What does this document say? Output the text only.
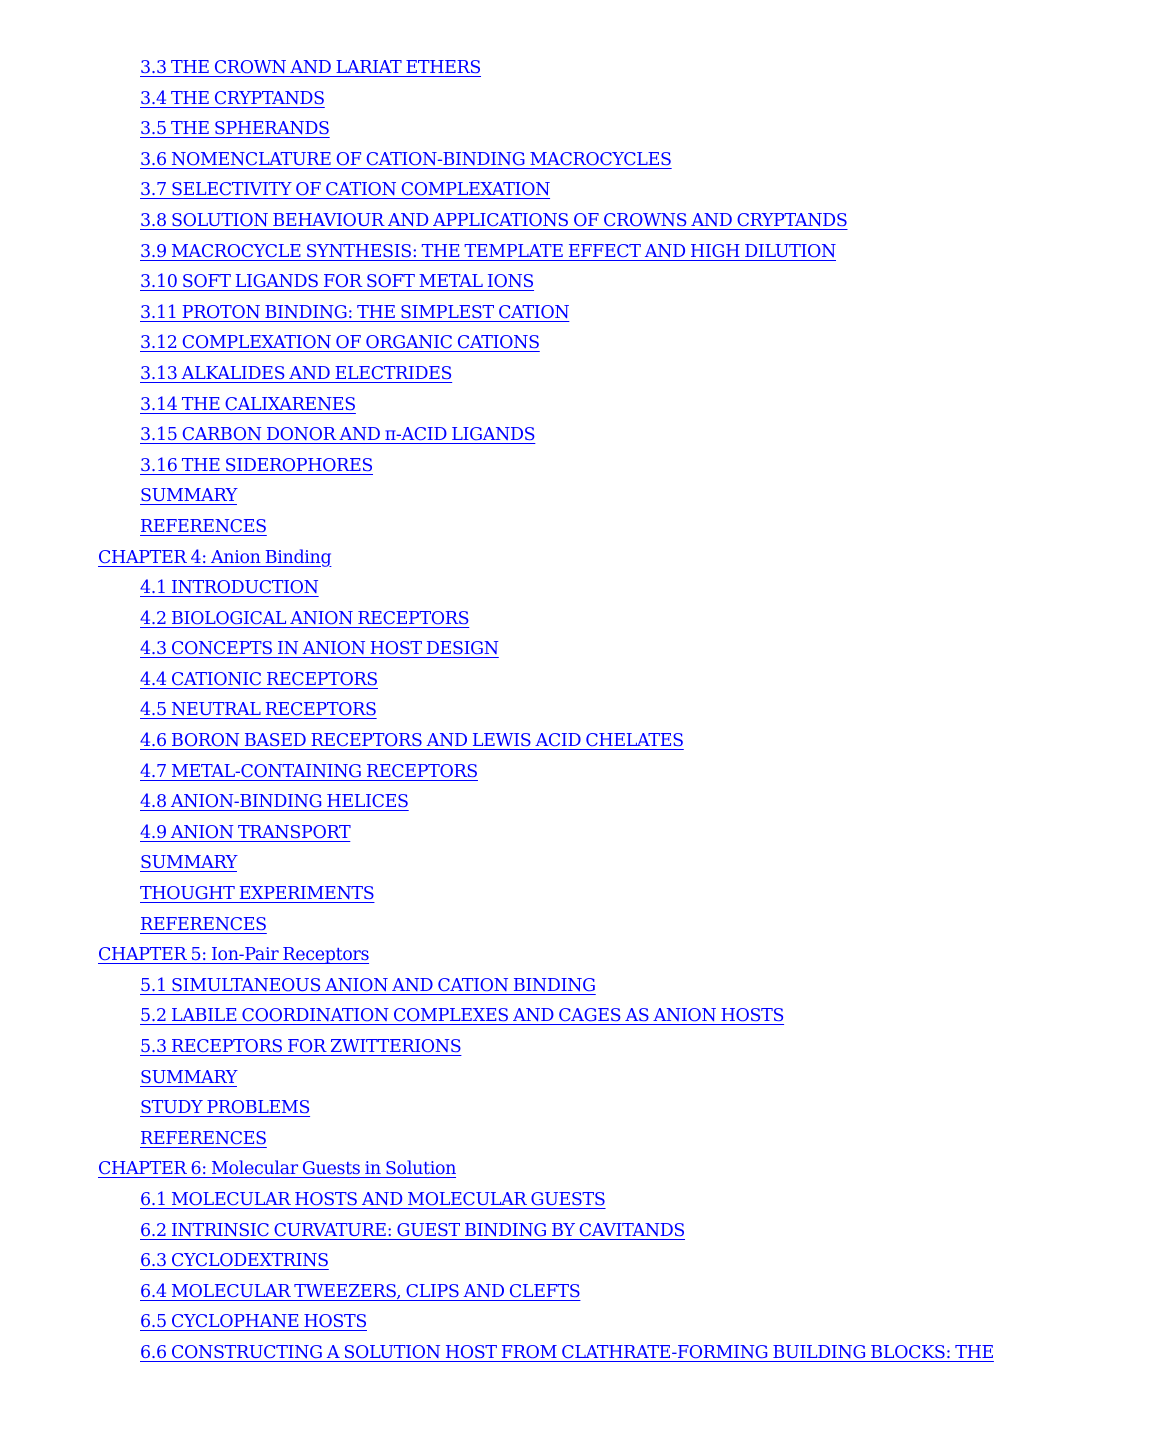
3.3 THE CROWN AND LARIAT ETHERS
3.4 THE CRYPTANDS
3.5 THE SPHERANDS
3.6 NOMENCLATURE OF CATION-BINDING MACROCYCLES
3.7 SELECTIVITY OF CATION COMPLEXATION
3.8 SOLUTION BEHAVIOUR AND APPLICATIONS OF CROWNS AND CRYPTANDS
3.9 MACROCYCLE SYNTHESIS: THE TEMPLATE EFFECT AND HIGH DILUTION
3.10 SOFT LIGANDS FOR SOFT METAL IONS
3.11 PROTON BINDING: THE SIMPLEST CATION
3.12 COMPLEXATION OF ORGANIC CATIONS
3.13 ALKALIDES AND ELECTRIDES
3.14 THE CALIXARENES
3.15 CARBON DONOR AND π-ACID LIGANDS
3.16 THE SIDEROPHORES
SUMMARY
REFERENCES
CHAPTER 4: Anion Binding
4.1 INTRODUCTION
4.2 BIOLOGICAL ANION RECEPTORS
4.3 CONCEPTS IN ANION HOST DESIGN
4.4 CATIONIC RECEPTORS
4.5 NEUTRAL RECEPTORS
4.6 BORON BASED RECEPTORS AND LEWIS ACID CHELATES
4.7 METAL-CONTAINING RECEPTORS
4.8 ANION-BINDING HELICES
4.9 ANION TRANSPORT
SUMMARY
THOUGHT EXPERIMENTS
REFERENCES
CHAPTER 5: Ion-Pair Receptors
5.1 SIMULTANEOUS ANION AND CATION BINDING
5.2 LABILE COORDINATION COMPLEXES AND CAGES AS ANION HOSTS
5.3 RECEPTORS FOR ZWITTERIONS
SUMMARY
STUDY PROBLEMS
REFERENCES
CHAPTER 6: Molecular Guests in Solution
6.1 MOLECULAR HOSTS AND MOLECULAR GUESTS
6.2 INTRINSIC CURVATURE: GUEST BINDING BY CAVITANDS
6.3 CYCLODEXTRINS
6.4 MOLECULAR TWEEZERS, CLIPS AND CLEFTS
6.5 CYCLOPHANE HOSTS
6.6 CONSTRUCTING A SOLUTION HOST FROM CLATHRATE-FORMING BUILDING BLOCKS: THE
